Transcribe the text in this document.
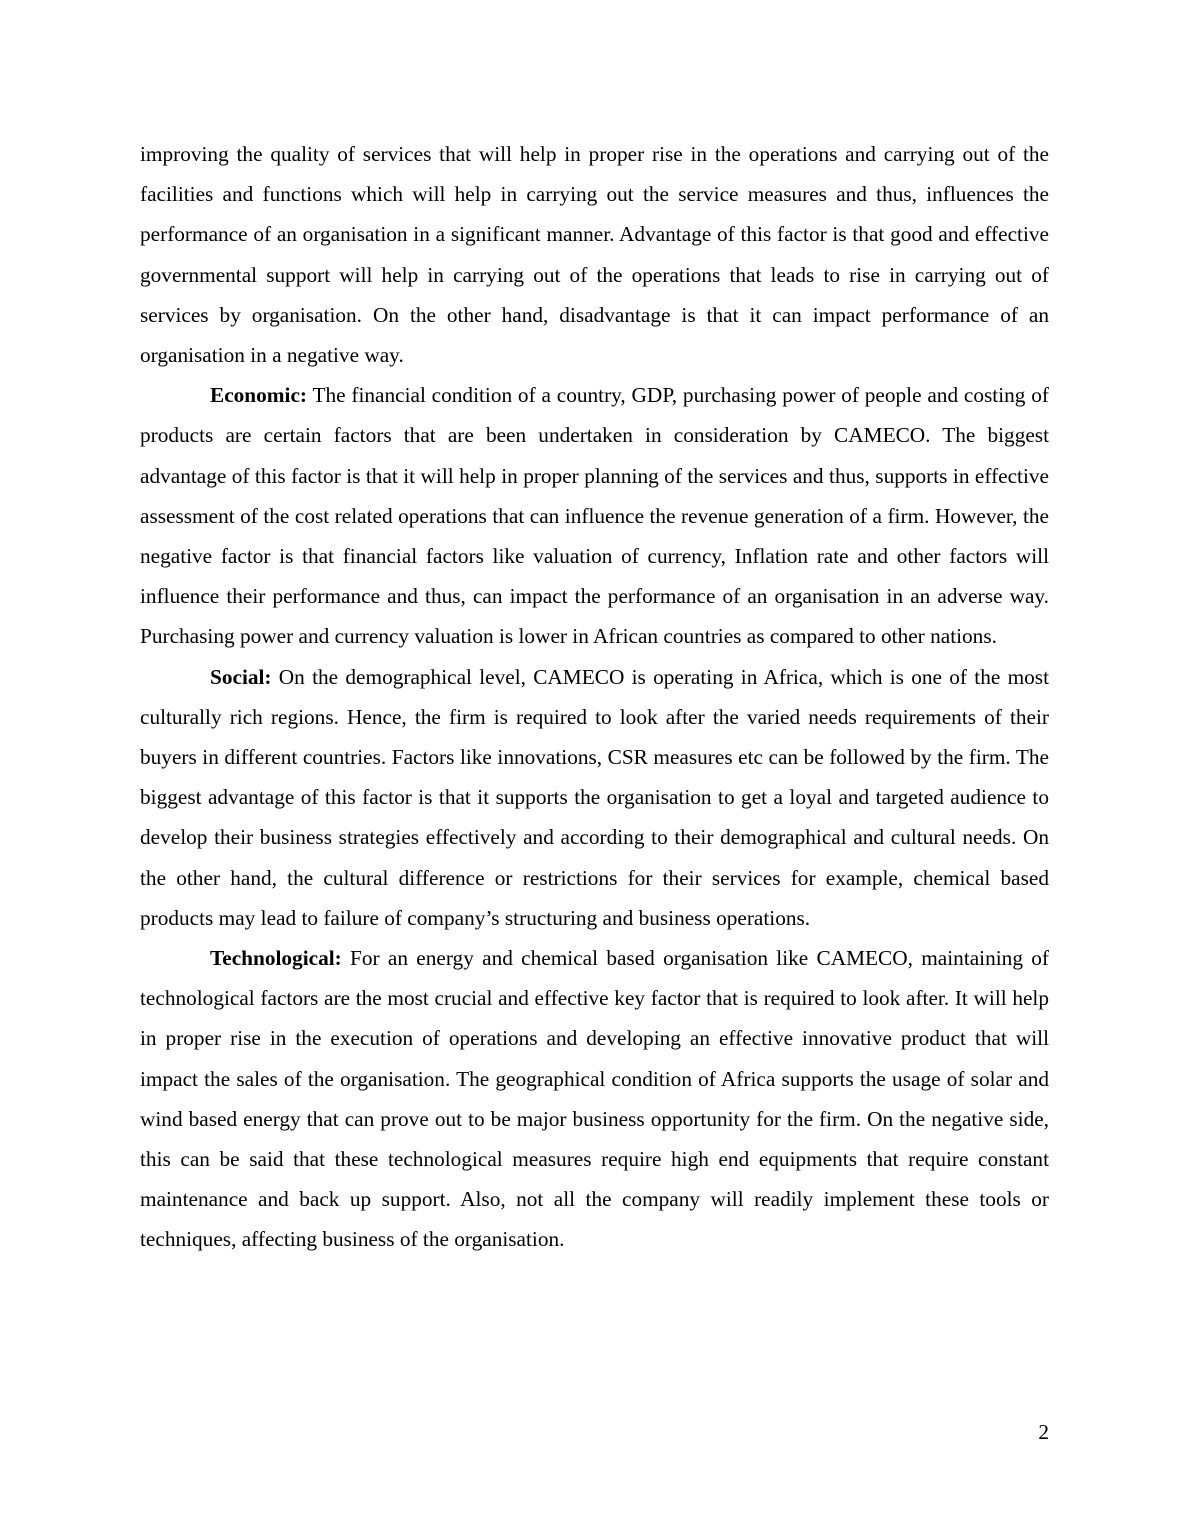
improving the quality of services that will help in proper rise in the operations and carrying out of the facilities and functions which will help in carrying out the service measures and thus, influences the performance of an organisation in a significant manner. Advantage of this factor is that good and effective governmental support will help in carrying out of the operations that leads to rise in carrying out of services by organisation. On the other hand, disadvantage is that it can impact performance of an organisation in a negative way.

Economic: The financial condition of a country, GDP, purchasing power of people and costing of products are certain factors that are been undertaken in consideration by CAMECO. The biggest advantage of this factor is that it will help in proper planning of the services and thus, supports in effective assessment of the cost related operations that can influence the revenue generation of a firm. However, the negative factor is that financial factors like valuation of currency, Inflation rate and other factors will influence their performance and thus, can impact the performance of an organisation in an adverse way. Purchasing power and currency valuation is lower in African countries as compared to other nations.

Social: On the demographical level, CAMECO is operating in Africa, which is one of the most culturally rich regions. Hence, the firm is required to look after the varied needs requirements of their buyers in different countries. Factors like innovations, CSR measures etc can be followed by the firm. The biggest advantage of this factor is that it supports the organisation to get a loyal and targeted audience to develop their business strategies effectively and according to their demographical and cultural needs. On the other hand, the cultural difference or restrictions for their services for example, chemical based products may lead to failure of company’s structuring and business operations.

Technological: For an energy and chemical based organisation like CAMECO, maintaining of technological factors are the most crucial and effective key factor that is required to look after. It will help in proper rise in the execution of operations and developing an effective innovative product that will impact the sales of the organisation. The geographical condition of Africa supports the usage of solar and wind based energy that can prove out to be major business opportunity for the firm. On the negative side, this can be said that these technological measures require high end equipments that require constant maintenance and back up support. Also, not all the company will readily implement these tools or techniques, affecting business of the organisation.

2
